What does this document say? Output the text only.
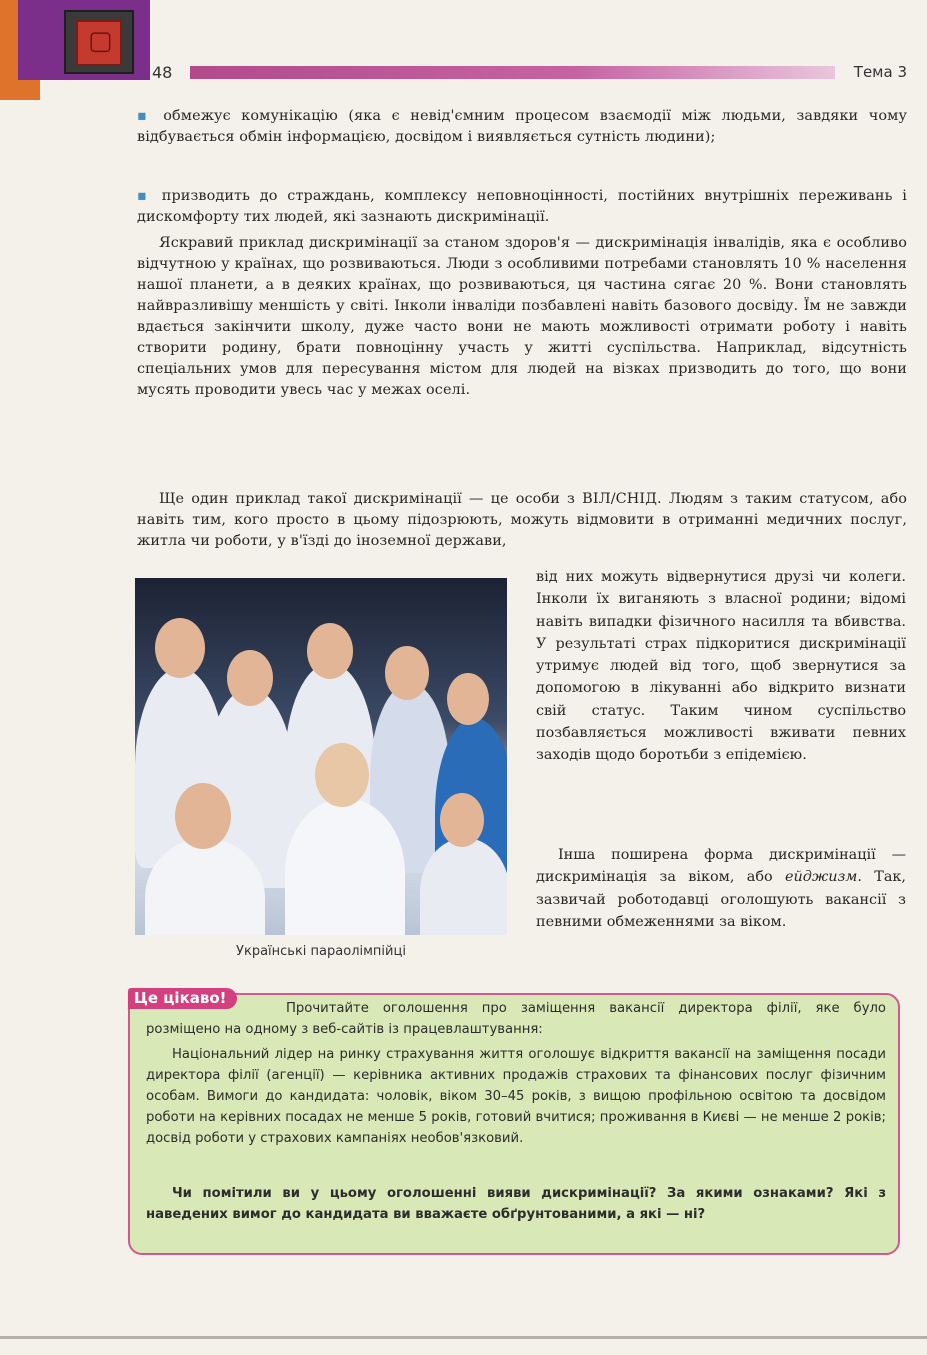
▢
48	Тема 3

▪ обмежує комунікацію (яка є невід'ємним процесом взаємодії між людьми, завдяки чому відбувається обмін інформацією, досвідом і виявляється сутність людини);

▪ призводить до страждань, комплексу неповноцінності, постійних внутрішніх переживань і дискомфорту тих людей, які зазнають дискримінації.

Яскравий приклад дискримінації за станом здоров'я — дискримінація інвалідів, яка є особливо відчутною у країнах, що розвиваються. Люди з особливими потребами становлять 10 % населення нашої планети, а в деяких країнах, що розвиваються, ця частина сягає 20 %. Вони становлять найвразливішу меншість у світі. Інколи інваліди позбавлені навіть базового досвіду. Їм не завжди вдається закінчити школу, дуже часто вони не мають можливості отримати роботу і навіть створити родину, брати повноцінну участь у житті суспільства. Наприклад, відсутність спеціальних умов для пересування містом для людей на візках призводить до того, що вони мусять проводити увесь час у межах оселі.

Ще один приклад такої дискримінації — це особи з ВІЛ/СНІД. Людям з таким статусом, або навіть тим, кого просто в цьому підозрюють, можуть відмовити в отриманні медичних послуг, житла чи роботи, у в'їзді до іноземної держави,

Українські параолімпійці

від них можуть відвернутися друзі чи колеги. Інколи їх виганяють з власної родини; відомі навіть випадки фізичного насилля та вбивства. У результаті страх підкоритися дискримінації утримує людей від того, щоб звернутися за допомогою в лікуванні або відкрито визнати свій статус. Таким чином суспільство позбавляється можливості вживати певних заходів щодо боротьби з епідемією.

Інша поширена форма дискримінації — дискримінація за віком, або ейджизм. Так, зазвичай роботодавці оголошують вакансії з певними обмеженнями за віком.

Це цікаво!

Прочитайте оголошення про заміщення вакансії директора філії, яке було розміщено на одному з веб-сайтів із працевлаштування:

Національний лідер на ринку страхування життя оголошує відкриття вакансії на заміщення посади директора філії (агенції) — керівника активних продажів страхових та фінансових послуг фізичним особам. Вимоги до кандидата: чоловік, віком 30–45 років, з вищою профільною освітою та досвідом роботи на керівних посадах не менше 5 років, готовий вчитися; проживання в Києві — не менше 2 років; досвід роботи у страхових кампаніях необов'язковий.

Чи помітили ви у цьому оголошенні вияви дискримінації? За якими ознаками? Які з наведених вимог до кандидата ви вважаєте обґрунтованими, а які — ні?
